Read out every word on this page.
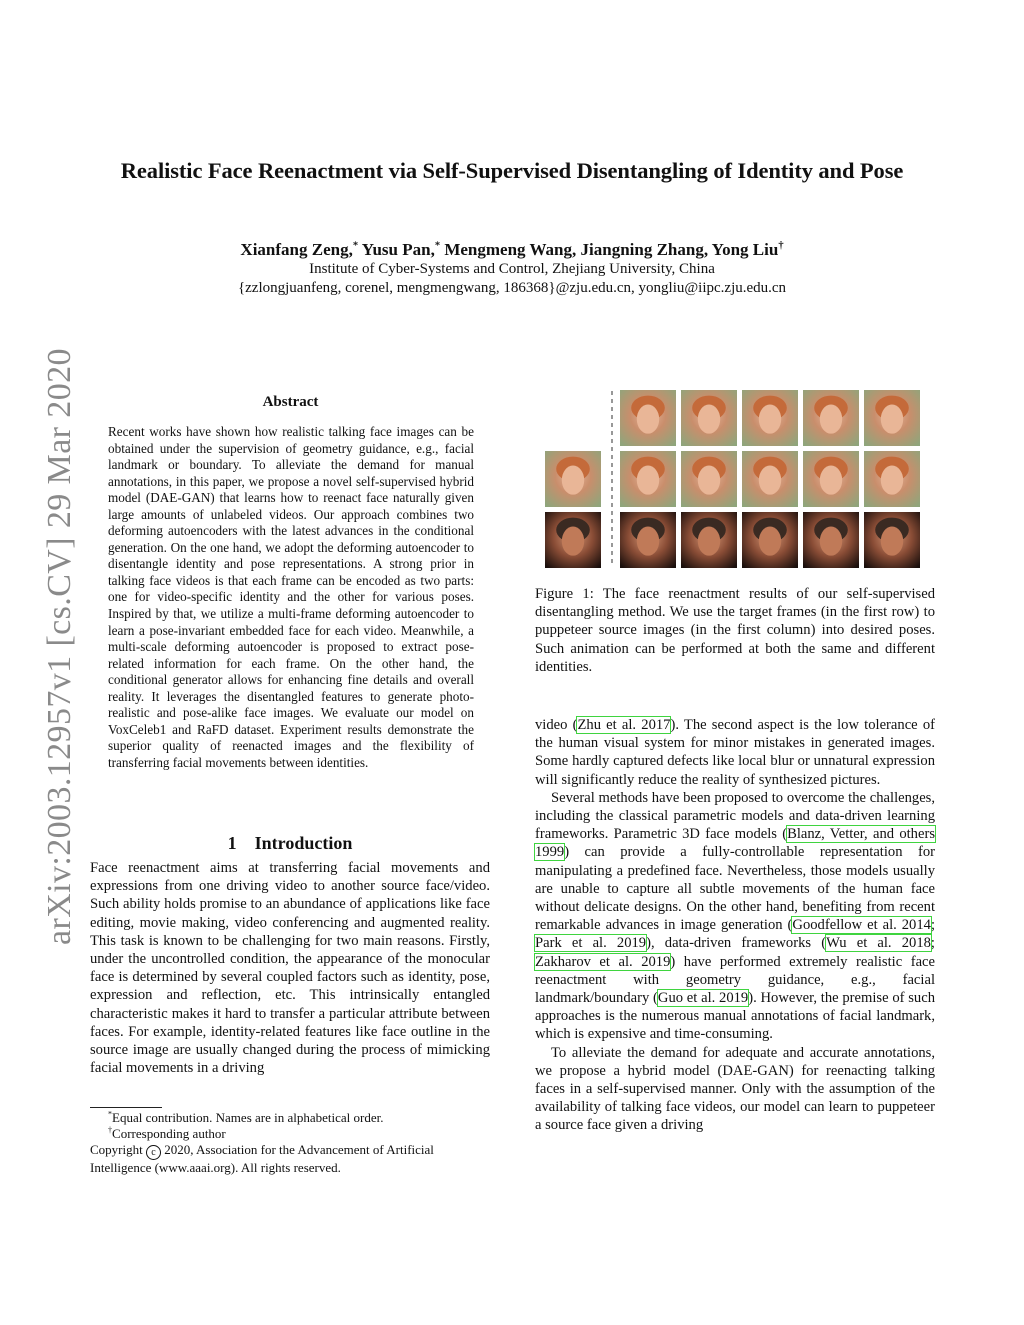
arXiv:2003.12957v1 [cs.CV] 29 Mar 2020
Realistic Face Reenactment via Self-Supervised Disentangling of Identity and Pose
Xianfang Zeng,* Yusu Pan,* Mengmeng Wang, Jiangning Zhang, Yong Liu†
Institute of Cyber-Systems and Control, Zhejiang University, China
{zzlongjuanfeng, corenel, mengmengwang, 186368}@zju.edu.cn, yongliu@iipc.zju.edu.cn
Abstract
Recent works have shown how realistic talking face images can be obtained under the supervision of geometry guidance, e.g., facial landmark or boundary. To alleviate the demand for manual annotations, in this paper, we propose a novel self-supervised hybrid model (DAE-GAN) that learns how to reenact face naturally given large amounts of unlabeled videos. Our approach combines two deforming autoencoders with the latest advances in the conditional generation. On the one hand, we adopt the deforming autoencoder to disentangle identity and pose representations. A strong prior in talking face videos is that each frame can be encoded as two parts: one for video-specific identity and the other for various poses. Inspired by that, we utilize a multi-frame deforming autoencoder to learn a pose-invariant embedded face for each video. Meanwhile, a multi-scale deforming autoencoder is proposed to extract pose-related information for each frame. On the other hand, the conditional generator allows for enhancing fine details and overall reality. It leverages the disentangled features to generate photo-realistic and pose-alike face images. We evaluate our model on VoxCeleb1 and RaFD dataset. Experiment results demonstrate the superior quality of reenacted images and the flexibility of transferring facial movements between identities.
1 Introduction

Face reenactment aims at transferring facial movements and expressions from one driving video to another source face/video. Such ability holds promise to an abundance of applications like face editing, movie making, video conferencing and augmented reality. This task is known to be challenging for two main reasons. Firstly, under the uncontrolled condition, the appearance of the monocular face is determined by several coupled factors such as identity, pose, expression and reflection, etc. This intrinsically entangled characteristic makes it hard to transfer a particular attribute between faces. For example, identity-related features like face outline in the source image are usually changed during the process of mimicking facial movements in a driving

*Equal contribution. Names are in alphabetical order.
†Corresponding author
Copyright c 2020, Association for the Advancement of Artificial Intelligence (www.aaai.org). All rights reserved.
Figure 1: The face reenactment results of our self-supervised disentangling method. We use the target frames (in the first row) to puppeteer source images (in the first column) into desired poses. Such animation can be performed at both the same and different identities.

video (Zhu et al. 2017). The second aspect is the low tolerance of the human visual system for minor mistakes in generated images. Some hardly captured defects like local blur or unnatural expression will significantly reduce the reality of synthesized pictures.

Several methods have been proposed to overcome the challenges, including the classical parametric models and data-driven learning frameworks. Parametric 3D face models (Blanz, Vetter, and others 1999) can provide a fully-controllable representation for manipulating a predefined face. Nevertheless, those models usually are unable to capture all subtle movements of the human face without delicate designs. On the other hand, benefiting from recent remarkable advances in image generation (Goodfellow et al. 2014; Park et al. 2019), data-driven frameworks (Wu et al. 2018; Zakharov et al. 2019) have performed extremely realistic face reenactment with geometry guidance, e.g., facial landmark/boundary (Guo et al. 2019). However, the premise of such approaches is the numerous manual annotations of facial landmark, which is expensive and time-consuming.

To alleviate the demand for adequate and accurate annotations, we propose a hybrid model (DAE-GAN) for reenacting talking faces in a self-supervised manner. Only with the assumption of the availability of talking face videos, our model can learn to puppeteer a source face given a driving
